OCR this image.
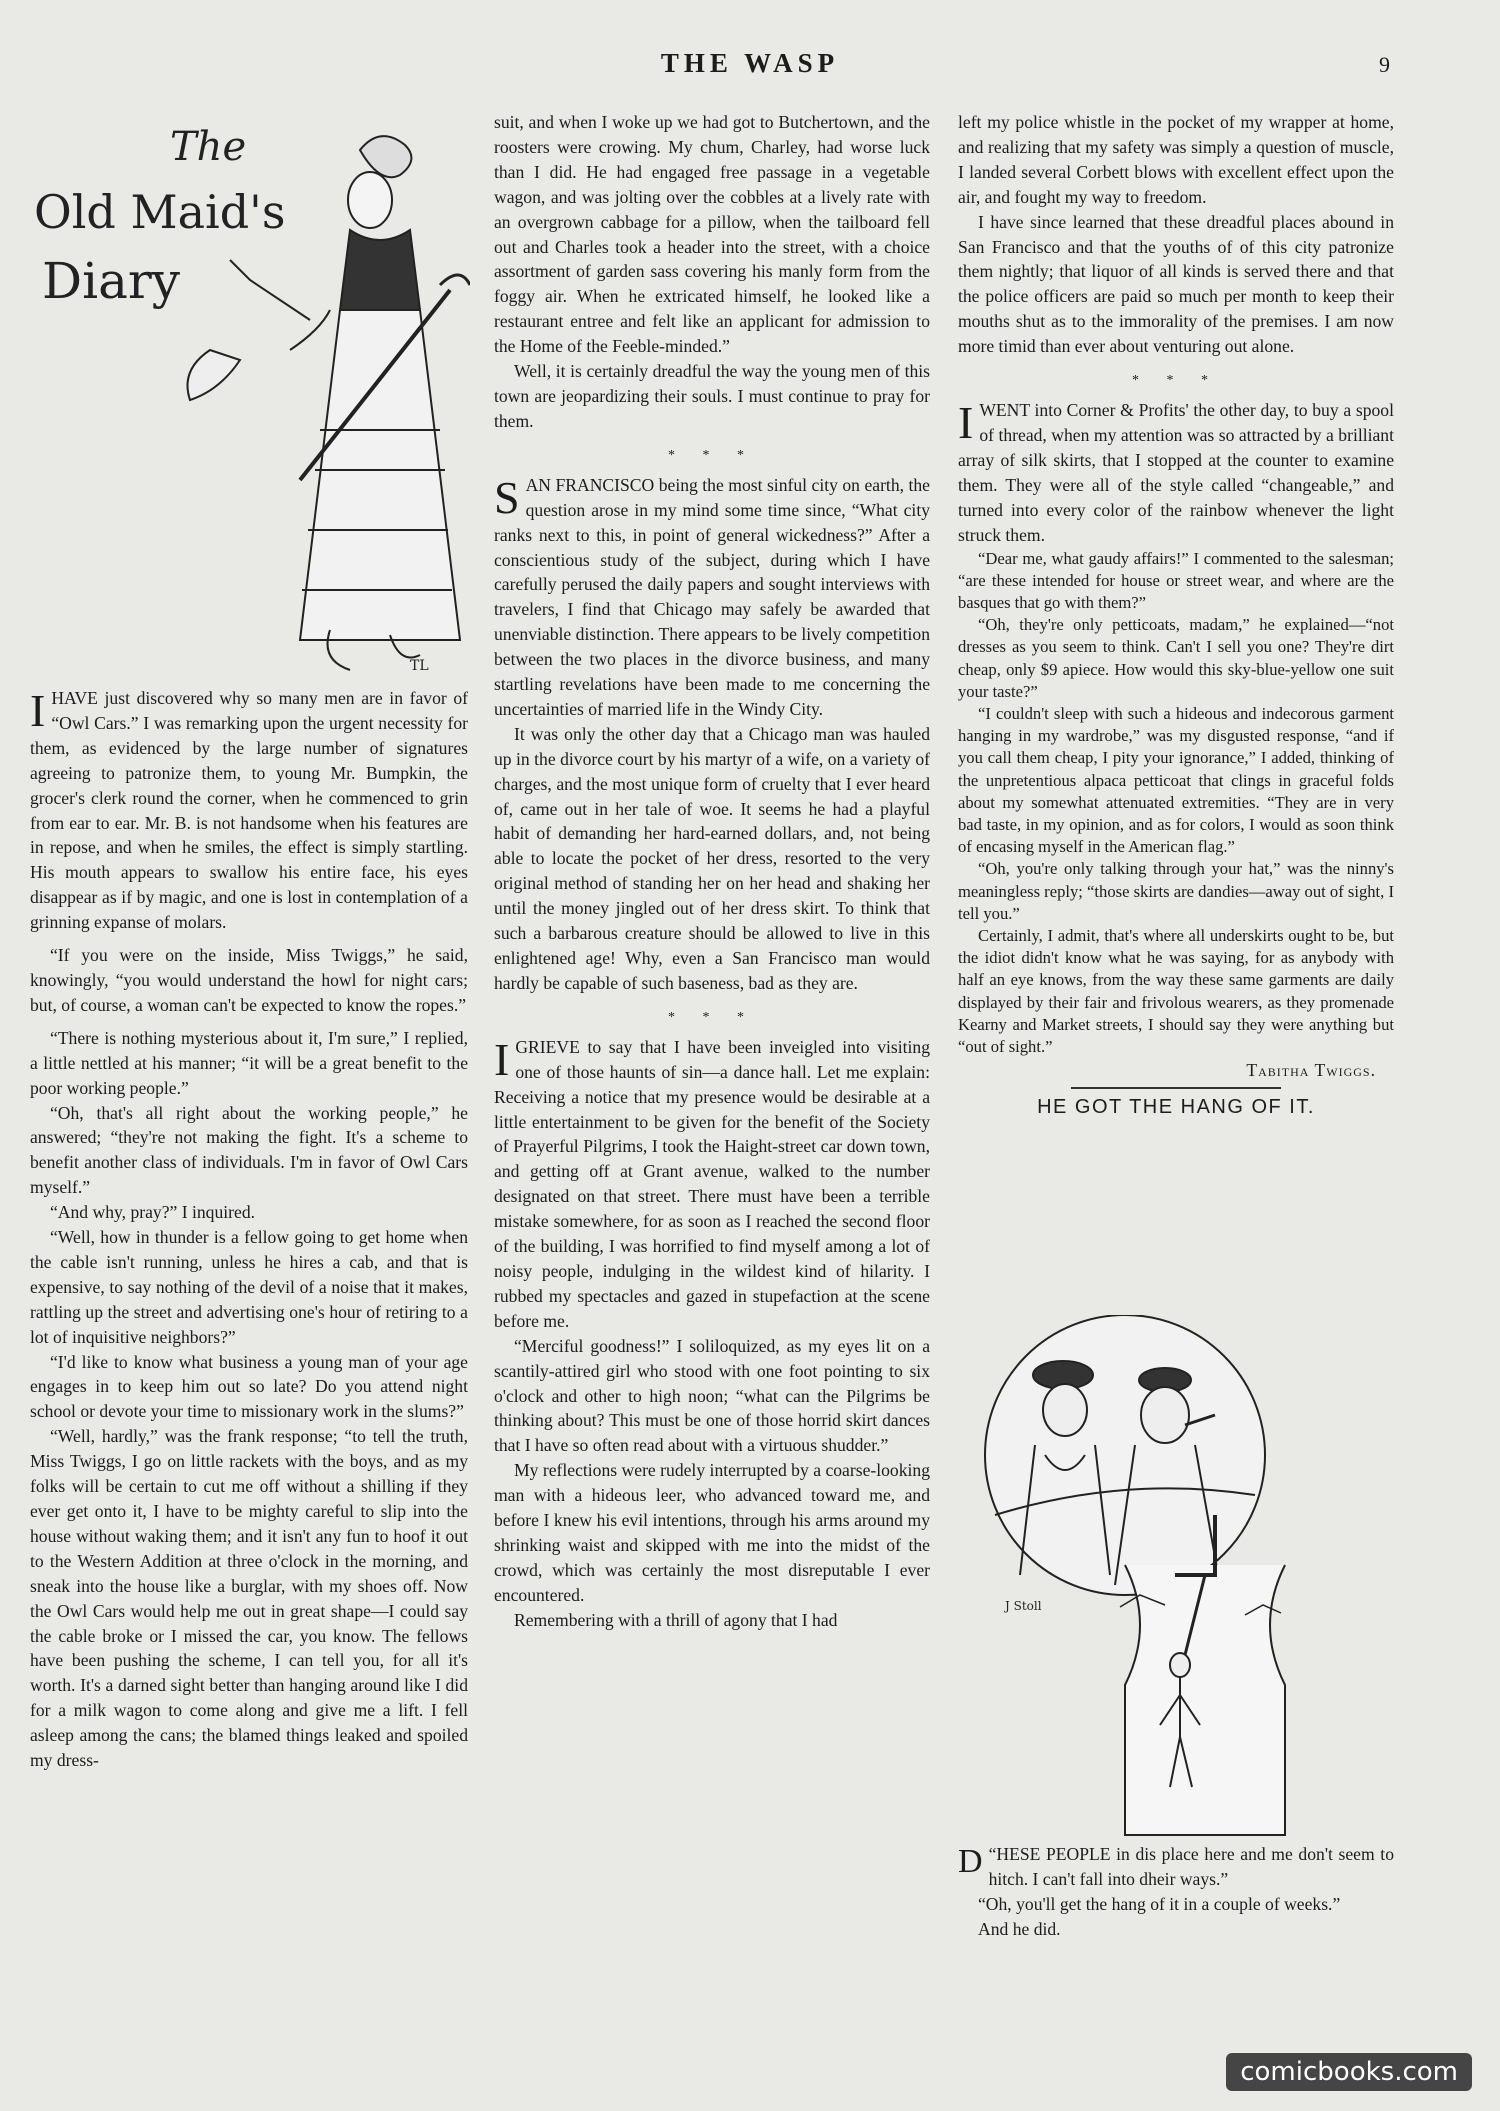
THE WASP	9
The
Old Maid's
Diary
TL

I HAVE just discovered why so many men are in favor of “Owl Cars.” I was remarking upon the urgent necessity for them, as evidenced by the large number of signatures agreeing to patronize them, to young Mr. Bumpkin, the grocer's clerk round the corner, when he commenced to grin from ear to ear. Mr. B. is not handsome when his features are in repose, and when he smiles, the effect is simply startling. His mouth appears to swallow his entire face, his eyes disappear as if by magic, and one is lost in contemplation of a grinning expanse of molars.

“If you were on the inside, Miss Twiggs,” he said, knowingly, “you would understand the howl for night cars; but, of course, a woman can't be expected to know the ropes.”

“There is nothing mysterious about it, I'm sure,” I replied, a little nettled at his manner; “it will be a great benefit to the poor working people.”

“Oh, that's all right about the working people,” he answered; “they're not making the fight. It's a scheme to benefit another class of individuals. I'm in favor of Owl Cars myself.”

“And why, pray?” I inquired.

“Well, how in thunder is a fellow going to get home when the cable isn't running, unless he hires a cab, and that is expensive, to say nothing of the devil of a noise that it makes, rattling up the street and advertising one's hour of retiring to a lot of inquisitive neighbors?”

“I'd like to know what business a young man of your age engages in to keep him out so late? Do you attend night school or devote your time to missionary work in the slums?”

“Well, hardly,” was the frank response; “to tell the truth, Miss Twiggs, I go on little rackets with the boys, and as my folks will be certain to cut me off without a shilling if they ever get onto it, I have to be mighty careful to slip into the house without waking them; and it isn't any fun to hoof it out to the Western Addition at three o'clock in the morning, and sneak into the house like a burglar, with my shoes off. Now the Owl Cars would help me out in great shape—I could say the cable broke or I missed the car, you know. The fellows have been pushing the scheme, I can tell you, for all it's worth. It's a darned sight better than hanging around like I did for a milk wagon to come along and give me a lift. I fell asleep among the cans; the blamed things leaked and spoiled my dress-

suit, and when I woke up we had got to Butchertown, and the roosters were crowing. My chum, Charley, had worse luck than I did. He had engaged free passage in a vegetable wagon, and was jolting over the cobbles at a lively rate with an overgrown cabbage for a pillow, when the tailboard fell out and Charles took a header into the street, with a choice assortment of garden sass covering his manly form from the foggy air. When he extricated himself, he looked like a restaurant entree and felt like an applicant for admission to the Home of the Feeble-minded.”

Well, it is certainly dreadful the way the young men of this town are jeopardizing their souls. I must continue to pray for them.

* * *

SAN FRANCISCO being the most sinful city on earth, the question arose in my mind some time since, “What city ranks next to this, in point of general wickedness?” After a conscientious study of the subject, during which I have carefully perused the daily papers and sought interviews with travelers, I find that Chicago may safely be awarded that unenviable distinction. There appears to be lively competition between the two places in the divorce business, and many startling revelations have been made to me concerning the uncertainties of married life in the Windy City.

It was only the other day that a Chicago man was hauled up in the divorce court by his martyr of a wife, on a variety of charges, and the most unique form of cruelty that I ever heard of, came out in her tale of woe. It seems he had a playful habit of demanding her hard-earned dollars, and, not being able to locate the pocket of her dress, resorted to the very original method of standing her on her head and shaking her until the money jingled out of her dress skirt. To think that such a barbarous creature should be allowed to live in this enlightened age! Why, even a San Francisco man would hardly be capable of such baseness, bad as they are.

* * *

I GRIEVE to say that I have been inveigled into visiting one of those haunts of sin—a dance hall. Let me explain: Receiving a notice that my presence would be desirable at a little entertainment to be given for the benefit of the Society of Prayerful Pilgrims, I took the Haight-street car down town, and getting off at Grant avenue, walked to the number designated on that street. There must have been a terrible mistake somewhere, for as soon as I reached the second floor of the building, I was horrified to find myself among a lot of noisy people, indulging in the wildest kind of hilarity. I rubbed my spectacles and gazed in stupefaction at the scene before me.

“Merciful goodness!” I soliloquized, as my eyes lit on a scantily-attired girl who stood with one foot pointing to six o'clock and other to high noon; “what can the Pilgrims be thinking about? This must be one of those horrid skirt dances that I have so often read about with a virtuous shudder.”

My reflections were rudely interrupted by a coarse-looking man with a hideous leer, who advanced toward me, and before I knew his evil intentions, through his arms around my shrinking waist and skipped with me into the midst of the crowd, which was certainly the most disreputable I ever encountered.

Remembering with a thrill of agony that I had

left my police whistle in the pocket of my wrapper at home, and realizing that my safety was simply a question of muscle, I landed several Corbett blows with excellent effect upon the air, and fought my way to freedom.

I have since learned that these dreadful places abound in San Francisco and that the youths of of this city patronize them nightly; that liquor of all kinds is served there and that the police officers are paid so much per month to keep their mouths shut as to the immorality of the premises. I am now more timid than ever about venturing out alone.

* * *

I WENT into Corner & Profits' the other day, to buy a spool of thread, when my attention was so attracted by a brilliant array of silk skirts, that I stopped at the counter to examine them. They were all of the style called “changeable,” and turned into every color of the rainbow whenever the light struck them.

“Dear me, what gaudy affairs!” I commented to the salesman; “are these intended for house or street wear, and where are the basques that go with them?”

“Oh, they're only petticoats, madam,” he explained—“not dresses as you seem to think. Can't I sell you one? They're dirt cheap, only $9 apiece. How would this sky-blue-yellow one suit your taste?”

“I couldn't sleep with such a hideous and indecorous garment hanging in my wardrobe,” was my disgusted response, “and if you call them cheap, I pity your ignorance,” I added, thinking of the unpretentious alpaca petticoat that clings in graceful folds about my somewhat attenuated extremities. “They are in very bad taste, in my opinion, and as for colors, I would as soon think of encasing myself in the American flag.”

“Oh, you're only talking through your hat,” was the ninny's meaningless reply; “those skirts are dandies—away out of sight, I tell you.”

Certainly, I admit, that's where all underskirts ought to be, but the idiot didn't know what he was saying, for as anybody with half an eye knows, from the way these same garments are daily displayed by their fair and frivolous wearers, as they promenade Kearny and Market streets, I should say they were anything but “out of sight.”

Tabitha Twiggs.
HE GOT THE HANG OF IT.
J Stoll

“
D HESE PEOPLE in dis place here and me don't seem to hitch. I can't fall into dheir ways.”

“Oh, you'll get the hang of it in a couple of weeks.”

And he did.

comicbooks.com
